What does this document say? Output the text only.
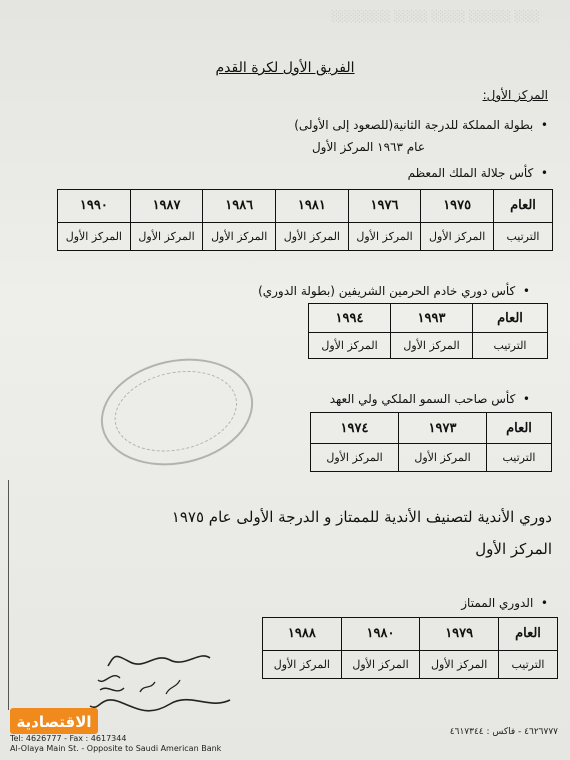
░░░ ░░░░░ ░░░░ ░░░░ ░░░░░░░
الفريق الأول لكرة القدم
المركز الأول:
•  بطولة المملكة للدرجة الثانية(للصعود إلى الأولى)
عام ١٩٦٣ المركز الأول
•  كأس جلالة الملك المعظم
العام	١٩٧٥	١٩٧٦	١٩٨١	١٩٨٦	١٩٨٧	١٩٩٠
الترتيب	المركز الأول	المركز الأول	المركز الأول	المركز الأول	المركز الأول	المركز الأول
•  كأس دوري خادم الحرمين الشريفين (بطولة الدوري)
العام	١٩٩٣	١٩٩٤
الترتيب	المركز الأول	المركز الأول
•  كأس صاحب السمو الملكي ولي العهد
العام	١٩٧٣	١٩٧٤
الترتيب	المركز الأول	المركز الأول
دوري الأندية لتصنيف الأندية للممتاز و الدرجة الأولى عام ١٩٧٥
المركز الأول
•  الدوري الممتاز
العام	١٩٧٩	١٩٨٠	١٩٨٨
الترتيب	المركز الأول	المركز الأول	المركز الأول
الاقتصادية
Tel: 4626777 - Fax : 4617344
Al-Olaya Main St. - Opposite to Saudi American Bank
٤٦٢٦٧٧٧ - فاكس : ٤٦١٧٣٤٤
